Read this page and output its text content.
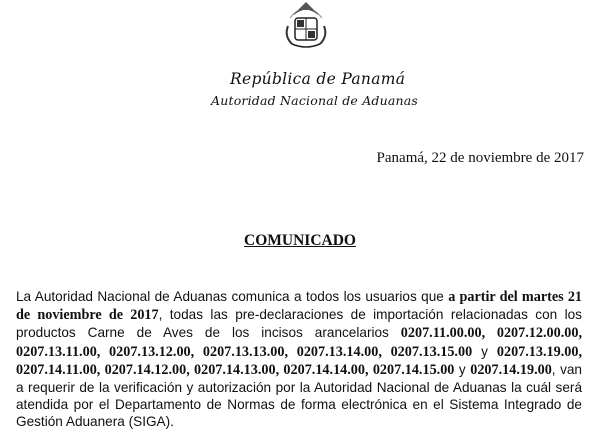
República de Panamá
Autoridad Nacional de Aduanas
Panamá, 22 de noviembre de 2017
COMUNICADO
La Autoridad Nacional de Aduanas comunica a todos los usuarios que a partir del martes 21 de noviembre de 2017, todas las pre-declaraciones de importación relacionadas con los productos Carne de Aves de los incisos arancelarios 0207.11.00.00, 0207.12.00.00, 0207.13.11.00, 0207.13.12.00, 0207.13.13.00, 0207.13.14.00, 0207.13.15.00 y 0207.13.19.00, 0207.14.11.00, 0207.14.12.00, 0207.14.13.00, 0207.14.14.00, 0207.14.15.00 y 0207.14.19.00, van a requerir de la verificación y autorización por la Autoridad Nacional de Aduanas la cuál será atendida por el Departamento de Normas de forma electrónica en el Sistema Integrado de Gestión Aduanera (SIGA).
